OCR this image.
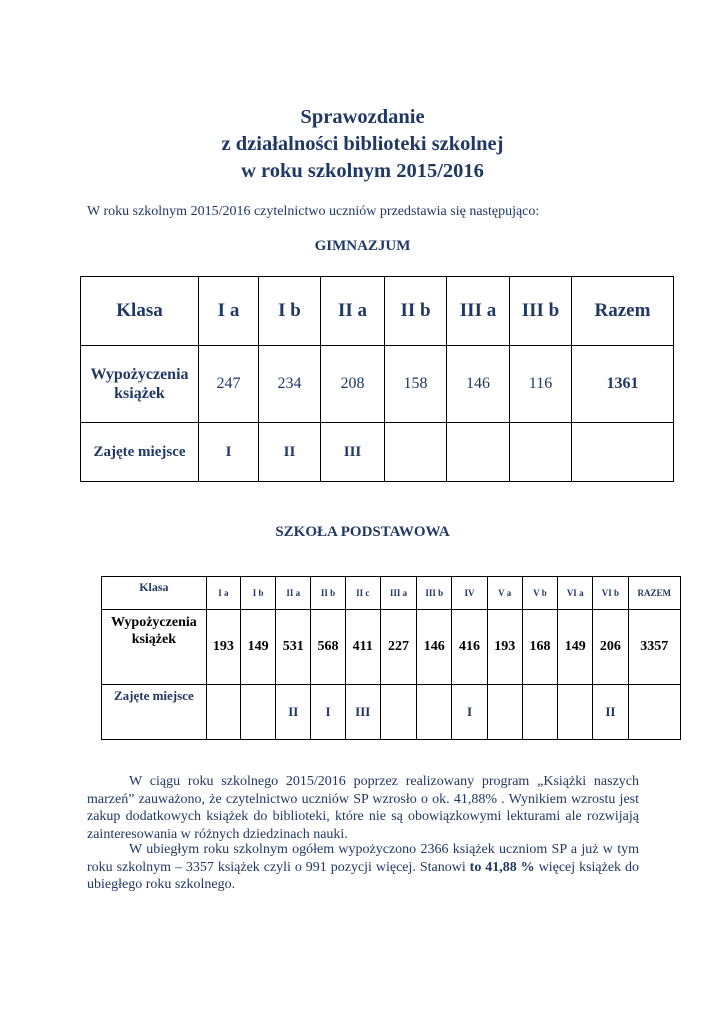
Sprawozdanie
z działalności biblioteki szkolnej
w roku szkolnym 2015/2016
W roku szkolnym 2015/2016 czytelnictwo uczniów przedstawia się następująco:
GIMNAZJUM
Klasa	I a	I b	II a	II b	III a	III b	Razem

Wypożyczenia
książek	247	234	208	158	146	116	1361
Zajęte miejsce	I	II	III				
SZKOŁA PODSTAWOWA
Klasa	I a	I b	II a	II b	II c	III a	III b	IV	V a	V b	VI a	VI b	RAZEM

Wypożyczenia
książek	193	149	531	568	411	227	146	416	193	168	149	206	3357
Zajęte miejsce			II	I	III			I				II	

W ciągu roku szkolnego 2015/2016 poprzez realizowany program „Książki naszych marzeń” zauważono, że czytelnictwo uczniów SP wzrosło o ok. 41,88% . Wynikiem wzrostu jest zakup dodatkowych książek do biblioteki, które nie są obowiązkowymi lekturami ale rozwijają zainteresowania w różnych dziedzinach nauki.

W ubiegłym roku szkolnym ogółem wypożyczono 2366 książek uczniom SP a już w tym roku szkolnym – 3357 książek czyli o 991 pozycji więcej. Stanowi to 41,88 % więcej książek do ubiegłego roku szkolnego.
